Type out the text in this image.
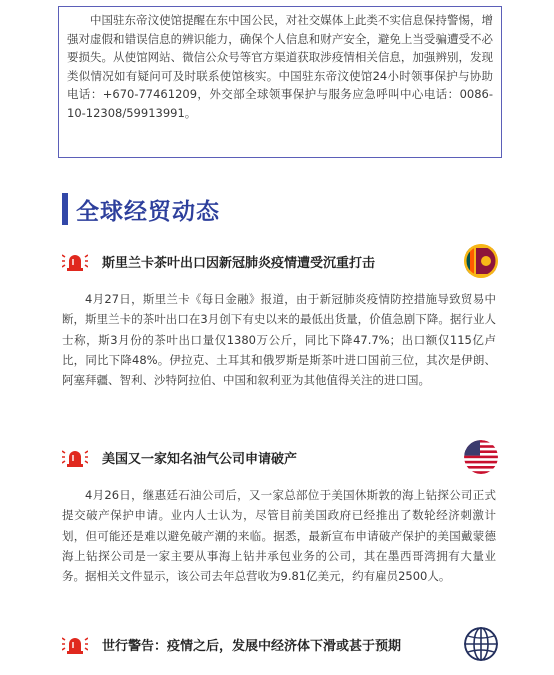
中国驻东帝汶使馆提醒在东中国公民，对社交媒体上此类不实信息保持警惕，增强对虚假和错误信息的辨识能力，确保个人信息和财产安全，避免上当受骗遭受不必要损失。从使馆网站、微信公众号等官方渠道获取涉疫情相关信息，加强辨别，发现类似情况如有疑问可及时联系使馆核实。中国驻东帝汶使馆24小时领事保护与协助电话：+670-77461209，外交部全球领事保护与服务应急呼叫中心电话：0086-10-12308/59913991。
全球经贸动态
斯里兰卡茶叶出口因新冠肺炎疫情遭受沉重打击

4月27日，斯里兰卡《每日金融》报道，由于新冠肺炎疫情防控措施导致贸易中断，斯里兰卡的茶叶出口在3月创下有史以来的最低出货量，价值急剧下降。据行业人士称，斯3月份的茶叶出口量仅1380万公斤，同比下降47.7%；出口额仅115亿卢比，同比下降48%。伊拉克、土耳其和俄罗斯是斯茶叶进口国前三位，其次是伊朗、阿塞拜疆、智利、沙特阿拉伯、中国和叙利亚为其他值得关注的进口国。

美国又一家知名油气公司申请破产

4月26日，继惠廷石油公司后，又一家总部位于美国休斯敦的海上钻探公司正式提交破产保护申请。业内人士认为，尽管目前美国政府已经推出了数轮经济刺激计划，但可能还是难以避免破产潮的来临。据悉，最新宣布申请破产保护的美国戴蒙德海上钻探公司是一家主要从事海上钻井承包业务的公司，其在墨西哥湾拥有大量业务。据相关文件显示，该公司去年总营收为9.81亿美元，约有雇员2500人。

世行警告：疫情之后，发展中经济体下滑或甚于预期
